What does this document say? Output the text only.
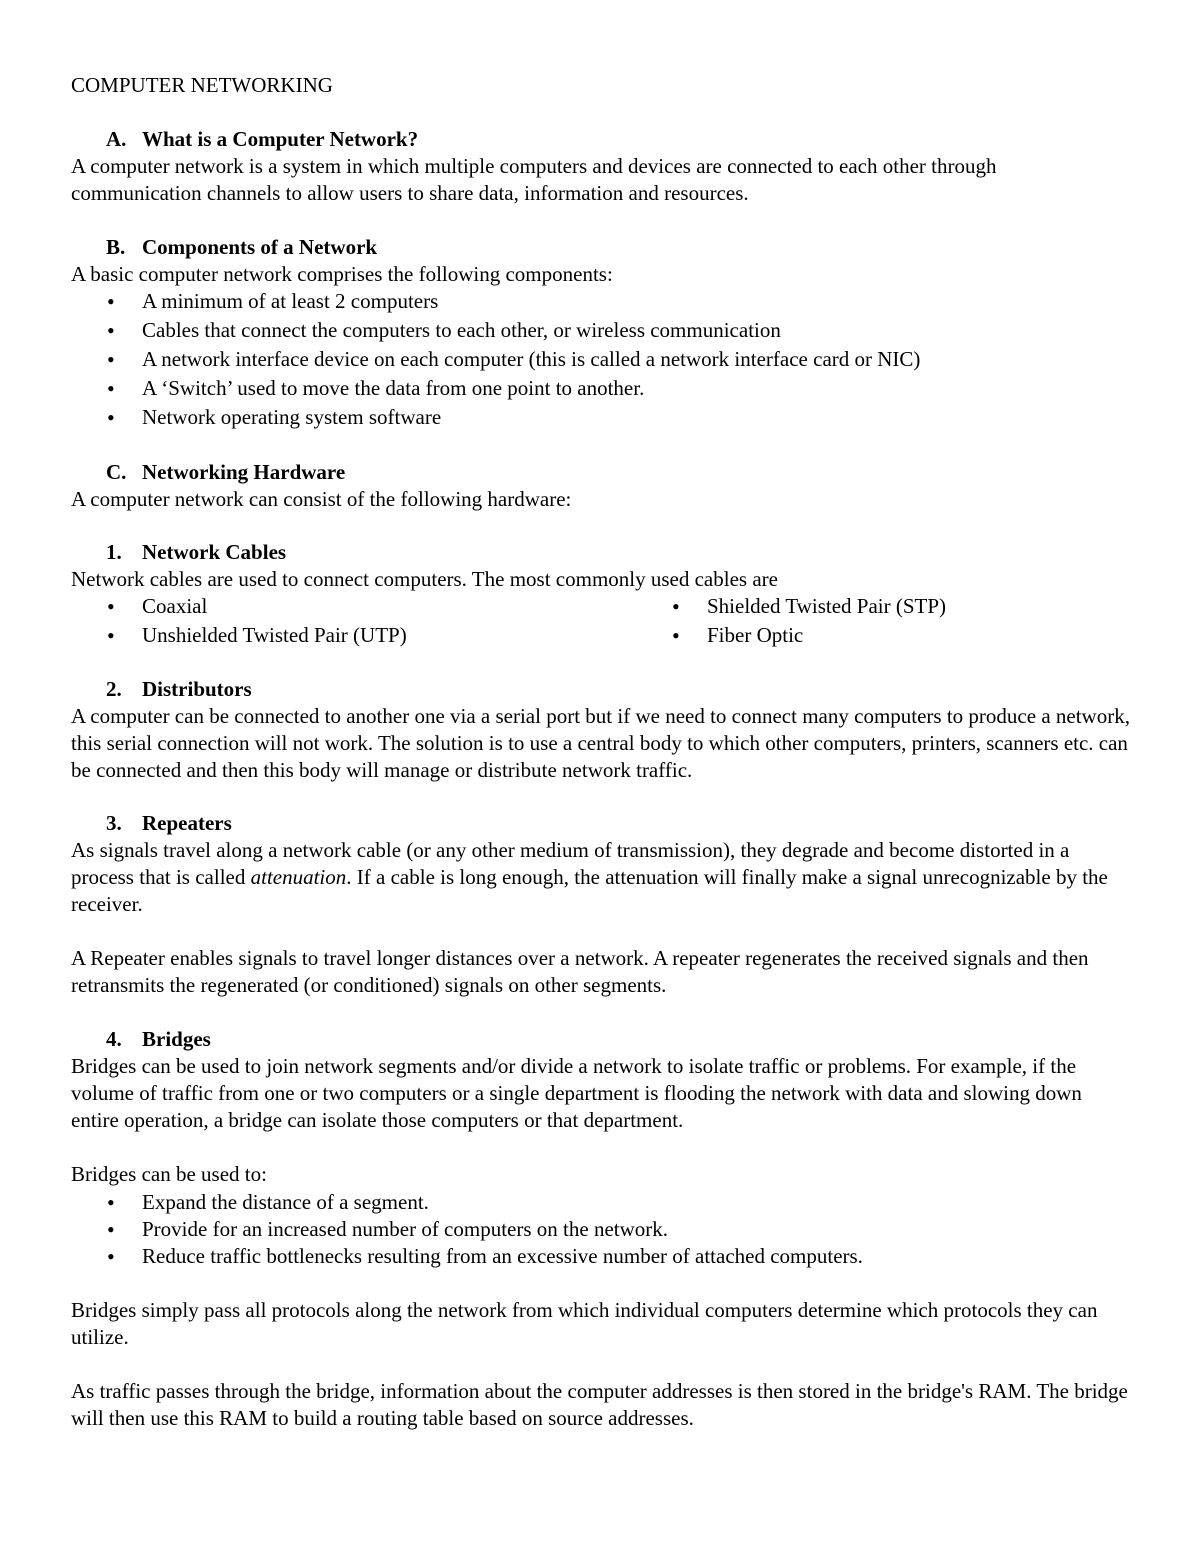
COMPUTER NETWORKING
A. What is a Computer Network?

A computer network is a system in which multiple computers and devices are connected to each other through communication channels to allow users to share data, information and resources.

B. Components of a Network

A basic computer network comprises the following components:

• A minimum of at least 2 computers
• Cables that connect the computers to each other, or wireless communication
• A network interface device on each computer (this is called a network interface card or NIC)
• A ‘Switch’ used to move the data from one point to another.
• Network operating system software
C. Networking Hardware

A computer network can consist of the following hardware:

1. Network Cables

Network cables are used to connect computers. The most commonly used cables are

• Coaxial
• Unshielded Twisted Pair (UTP)
• Shielded Twisted Pair (STP)
• Fiber Optic
2. Distributors

A computer can be connected to another one via a serial port but if we need to connect many computers to produce a network, this serial connection will not work. The solution is to use a central body to which other computers, printers, scanners etc. can be connected and then this body will manage or distribute network traffic.

3. Repeaters

As signals travel along a network cable (or any other medium of transmission), they degrade and become distorted in a process that is called attenuation. If a cable is long enough, the attenuation will finally make a signal unrecognizable by the receiver.

A Repeater enables signals to travel longer distances over a network. A repeater regenerates the received signals and then retransmits the regenerated (or conditioned) signals on other segments.

4. Bridges

Bridges can be used to join network segments and/or divide a network to isolate traffic or problems. For example, if the volume of traffic from one or two computers or a single department is flooding the network with data and slowing down entire operation, a bridge can isolate those computers or that department.

Bridges can be used to:

• Expand the distance of a segment.
• Provide for an increased number of computers on the network.
• Reduce traffic bottlenecks resulting from an excessive number of attached computers.

Bridges simply pass all protocols along the network from which individual computers determine which protocols they can utilize.

As traffic passes through the bridge, information about the computer addresses is then stored in the bridge's RAM. The bridge will then use this RAM to build a routing table based on source addresses.
